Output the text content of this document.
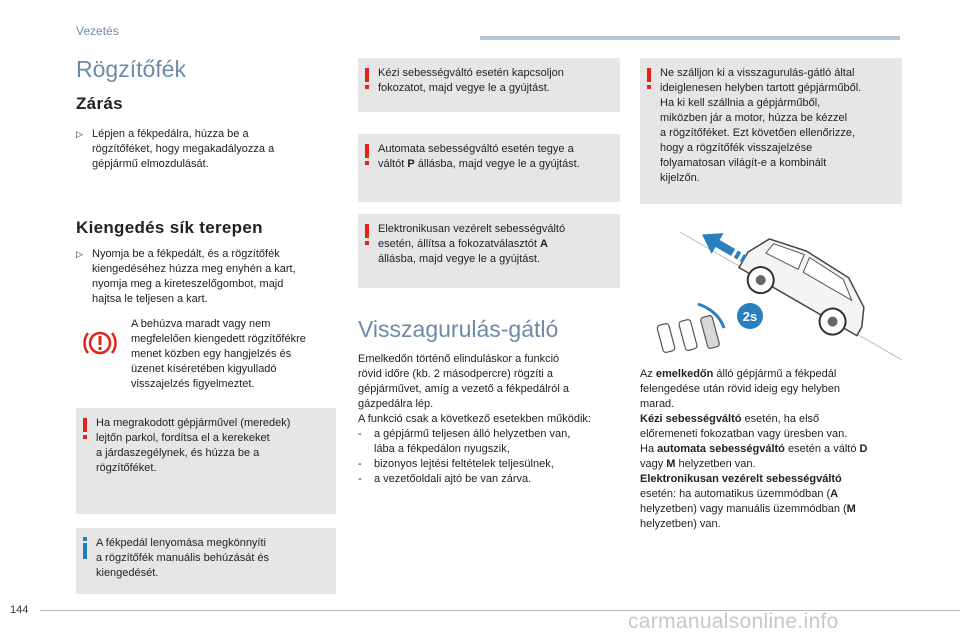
Vezetés
Rögzítőfék
Zárás
▷ Lépjen a fékpedálra, húzza be a
rögzítőféket, hogy megakadályozza a
gépjármű elmozdulását.
Kiengedés sík terepen
▷ Nyomja be a fékpedált, és a rögzítőfék
kiengedéséhez húzza meg enyhén a kart,
nyomja meg a kireteszelőgombot, majd
hajtsa le teljesen a kart.
A behúzva maradt vagy nem
megfelelően kiengedett rögzítőfékre
menet közben egy hangjelzés és
üzenet kíséretében kigyulladó
visszajelzés figyelmeztet.
Ha megrakodott gépjárművel (meredek)
lejtőn parkol, fordítsa el a kerekeket
a járdaszegélynek, és húzza be a
rögzítőféket.
A fékpedál lenyomása megkönnyíti
a rögzítőfék manuális behúzását és
kiengedését.
Kézi sebességváltó esetén kapcsoljon
fokozatot, majd vegye le a gyújtást.
Automata sebességváltó esetén tegye a
váltót P állásba, majd vegye le a gyújtást.
Elektronikusan vezérelt sebességváltó
esetén, állítsa a fokozatválasztót A
állásba, majd vegye le a gyújtást.
Visszagurulás-gátló
Emelkedőn történő elinduláskor a funkció
rövid időre (kb. 2 másodpercre) rögzíti a
gépjárművet, amíg a vezető a fékpedálról a
gázpedálra lép.
A funkció csak a következő esetekben működik:
- a gépjármű teljesen álló helyzetben van,
lába a fékpedálon nyugszik,
- bizonyos lejtési feltételek teljesülnek,
- a vezetőoldali ajtó be van zárva.
Ne szálljon ki a visszagurulás-gátló által
ideiglenesen helyben tartott gépjárműből.
Ha ki kell szállnia a gépjárműből,
miközben jár a motor, húzza be kézzel
a rögzítőféket. Ezt követően ellenőrizze,
hogy a rögzítőfék visszajelzése
folyamatosan világít-e a kombinált
kijelzőn.
2s
Az emelkedőn álló gépjármű a fékpedál
felengedése után rövid ideig egy helyben
marad.
Kézi sebességváltó esetén, ha első
előremeneti fokozatban vagy üresben van.
Ha automata sebességváltó esetén a váltó D
vagy M helyzetben van.
Elektronikusan vezérelt sebességváltó
esetén: ha automatikus üzemmódban (A
helyzetben) vagy manuális üzemmódban (M
helyzetben) van.
144	carmanualsonline.info
